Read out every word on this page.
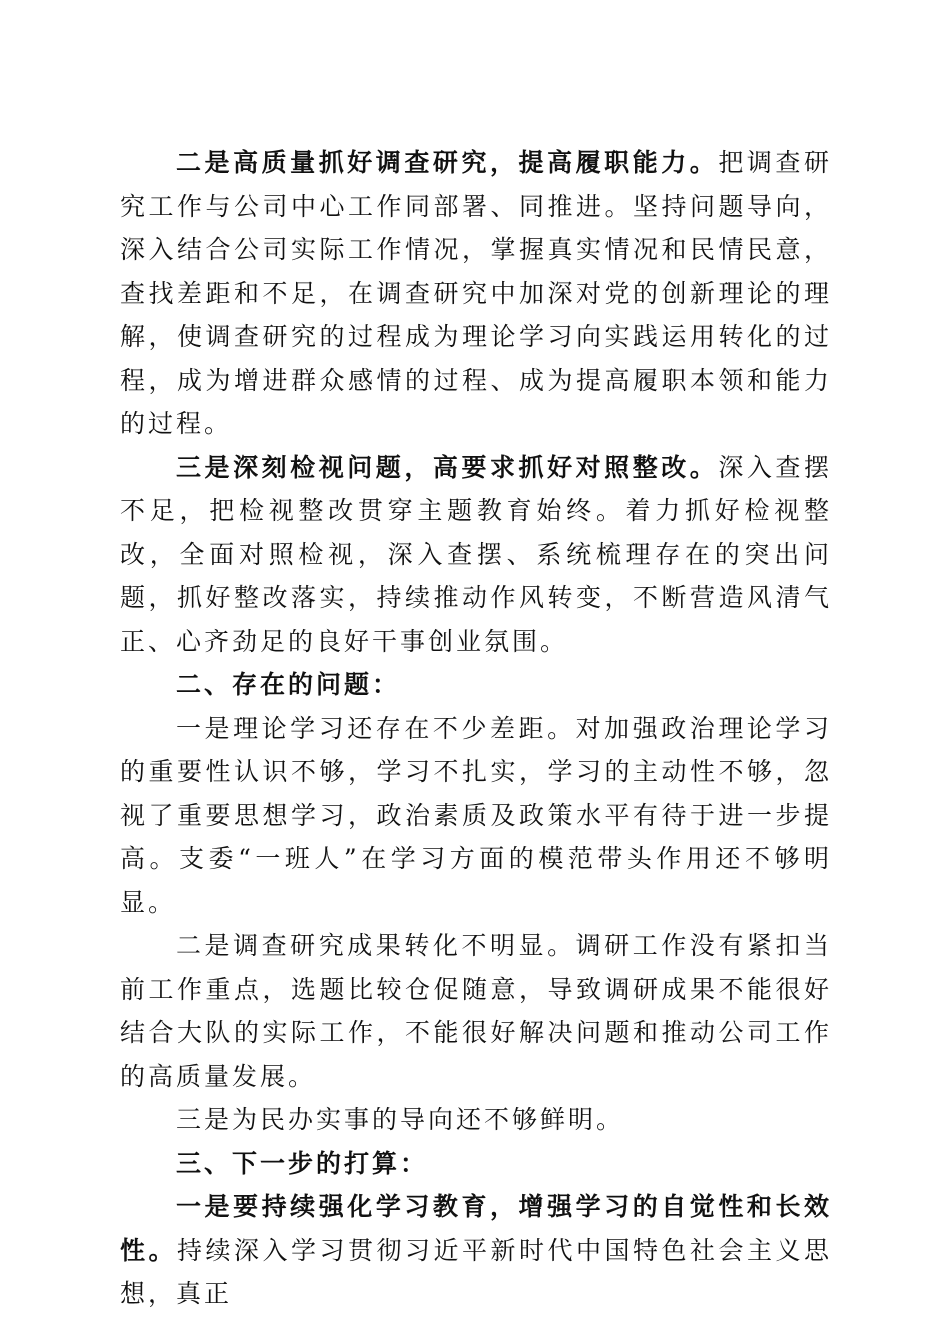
二是高质量抓好调查研究，提高履职能力。把调查研究工作与公司中心工作同部署、同推进。坚持问题导向，深入结合公司实际工作情况，掌握真实情况和民情民意，查找差距和不足，在调查研究中加深对党的创新理论的理解，使调查研究的过程成为理论学习向实践运用转化的过程，成为增进群众感情的过程、成为提高履职本领和能力的过程。

三是深刻检视问题，高要求抓好对照整改。深入查摆不足，把检视整改贯穿主题教育始终。着力抓好检视整改，全面对照检视，深入查摆、系统梳理存在的突出问题，抓好整改落实，持续推动作风转变，不断营造风清气正、心齐劲足的良好干事创业氛围。

二、存在的问题：

一是理论学习还存在不少差距。对加强政治理论学习的重要性认识不够，学习不扎实，学习的主动性不够，忽视了重要思想学习，政治素质及政策水平有待于进一步提高。支委“一班人”在学习方面的模范带头作用还不够明显。

二是调查研究成果转化不明显。调研工作没有紧扣当前工作重点，选题比较仓促随意，导致调研成果不能很好结合大队的实际工作，不能很好解决问题和推动公司工作的高质量发展。

三是为民办实事的导向还不够鲜明。

三、下一步的打算：

一是要持续强化学习教育，增强学习的自觉性和长效性。持续深入学习贯彻习近平新时代中国特色社会主义思想，真正
